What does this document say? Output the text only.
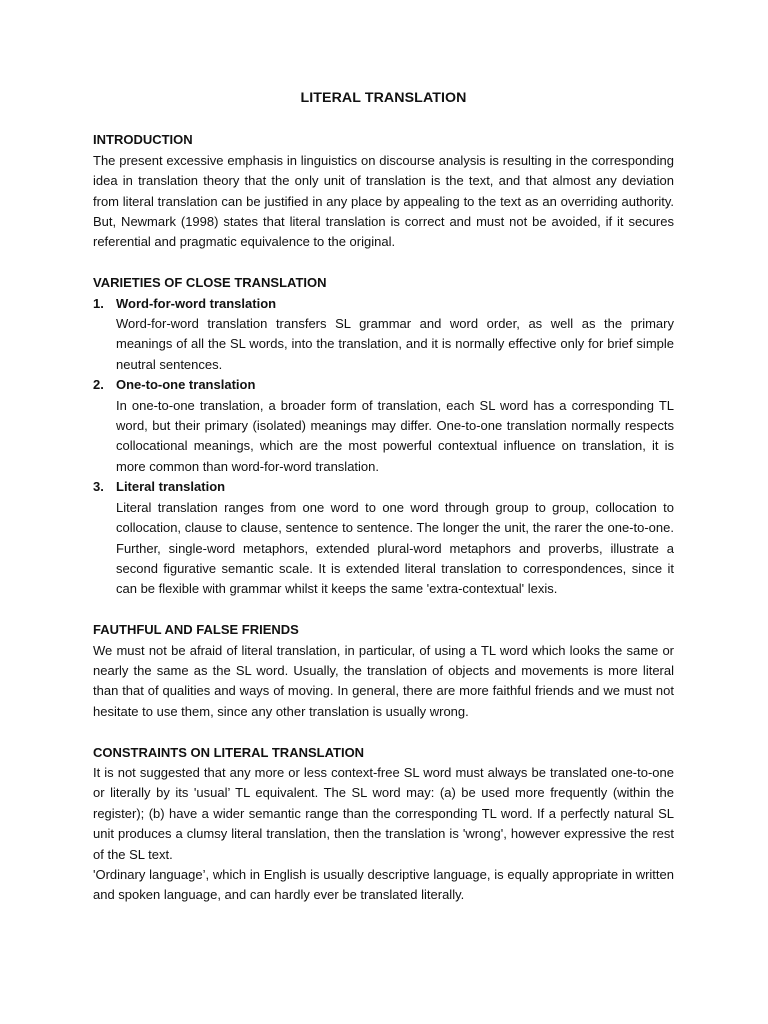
LITERAL TRANSLATION

INTRODUCTION

The present excessive emphasis in linguistics on discourse analysis is resulting in the corresponding idea in translation theory that the only unit of translation is the text, and that almost any deviation from literal translation can be justified in any place by appealing to the text as an overriding authority. But, Newmark (1998) states that literal translation is correct and must not be avoided, if it secures referential and pragmatic equivalence to the original.

VARIETIES OF CLOSE TRANSLATION

1. Word-for-word translation

Word-for-word translation transfers SL grammar and word order, as well as the primary meanings of all the SL words, into the translation, and it is normally effective only for brief simple neutral sentences.

2. One-to-one translation

In one-to-one translation, a broader form of translation, each SL word has a corresponding TL word, but their primary (isolated) meanings may differ. One-to-one translation normally respects collocational meanings, which are the most powerful contextual influence on translation, it is more common than word-for-word translation.

3. Literal translation

Literal translation ranges from one word to one word through group to group, collocation to collocation, clause to clause, sentence to sentence. The longer the unit, the rarer the one-to-one. Further, single-word metaphors, extended plural-word metaphors and proverbs, illustrate a second figurative semantic scale. It is extended literal translation to correspondences, since it can be flexible with grammar whilst it keeps the same 'extra-contextual' lexis.

FAUTHFUL AND FALSE FRIENDS

We must not be afraid of literal translation, in particular, of using a TL word which looks the same or nearly the same as the SL word. Usually, the translation of objects and movements is more literal than that of qualities and ways of moving. In general, there are more faithful friends and we must not hesitate to use them, since any other translation is usually wrong.

CONSTRAINTS ON LITERAL TRANSLATION

It is not suggested that any more or less context-free SL word must always be translated one-to-one or literally by its 'usual’ TL equivalent. The SL word may: (a) be used more frequently (within the register); (b) have a wider semantic range than the corresponding TL word. If a perfectly natural SL unit produces a clumsy literal translation, then the translation is 'wrong', however expressive the rest of the SL text.

'Ordinary language’, which in English is usually descriptive language, is equally appropriate in written and spoken language, and can hardly ever be translated literally.
